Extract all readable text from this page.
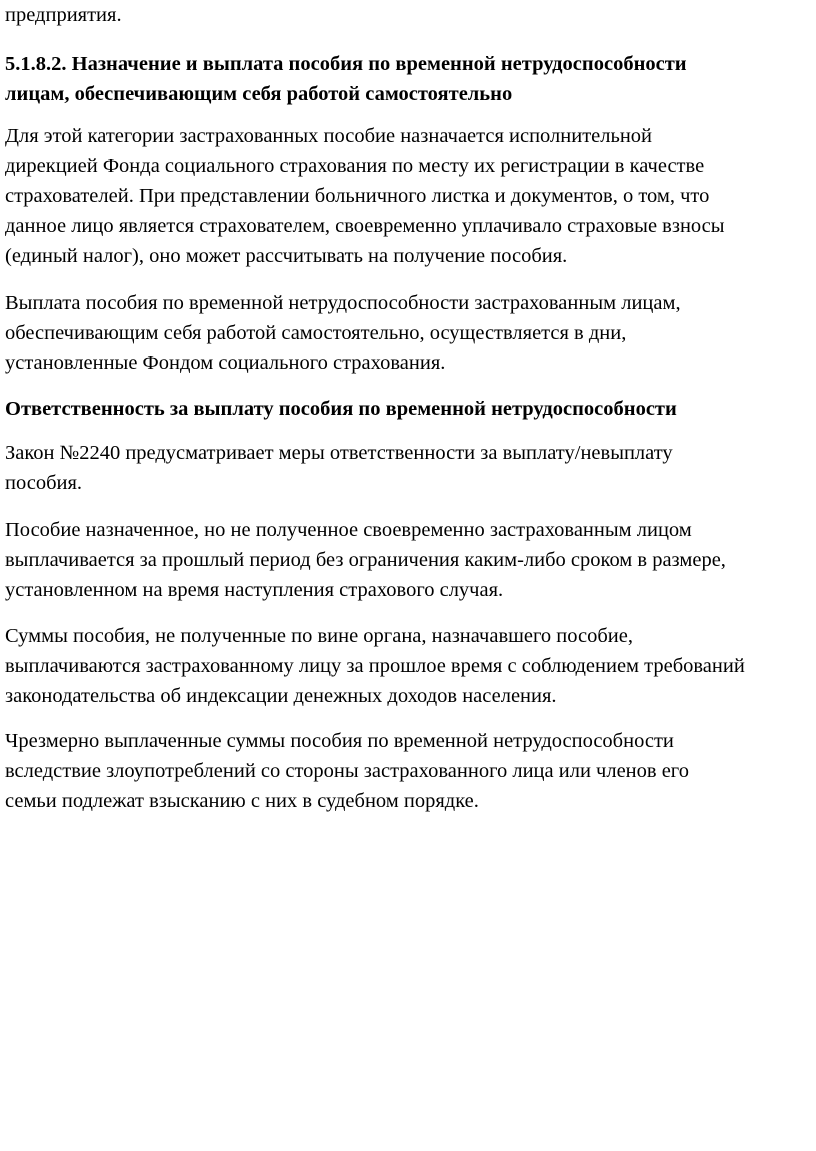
предприятия.

5.1.8.2. Назначение и выплата пособия по временной нетрудоспособности
лицам, обеспечивающим себя работой самостоятельно

Для этой категории застрахованных пособие назначается исполнительной
дирекцией Фонда социального страхования по месту их регистрации в качестве
страхователей. При представлении больничного листка и документов, о том, что
данное лицо является страхователем, своевременно уплачивало страховые взносы
(единый налог), оно может рассчитывать на получение пособия.

Выплата пособия по временной нетрудоспособности застрахованным лицам,
обеспечивающим себя работой самостоятельно, осуществляется в дни,
установленные Фондом социального страхования.

Ответственность за выплату пособия по временной нетрудоспособности

Закон №2240 предусматривает меры ответственности за выплату/невыплату
пособия.

Пособие назначенное, но не полученное своевременно застрахованным лицом
выплачивается за прошлый период без ограничения каким-либо сроком в размере,
установленном на время наступления страхового случая.

Суммы пособия, не полученные по вине органа, назначавшего пособие,
выплачиваются застрахованному лицу за прошлое время с соблюдением требований
законодательства об индексации денежных доходов населения.

Чрезмерно выплаченные суммы пособия по временной нетрудоспособности
вследствие злоупотреблений со стороны застрахованного лица или членов его
семьи подлежат взысканию с них в судебном порядке.
